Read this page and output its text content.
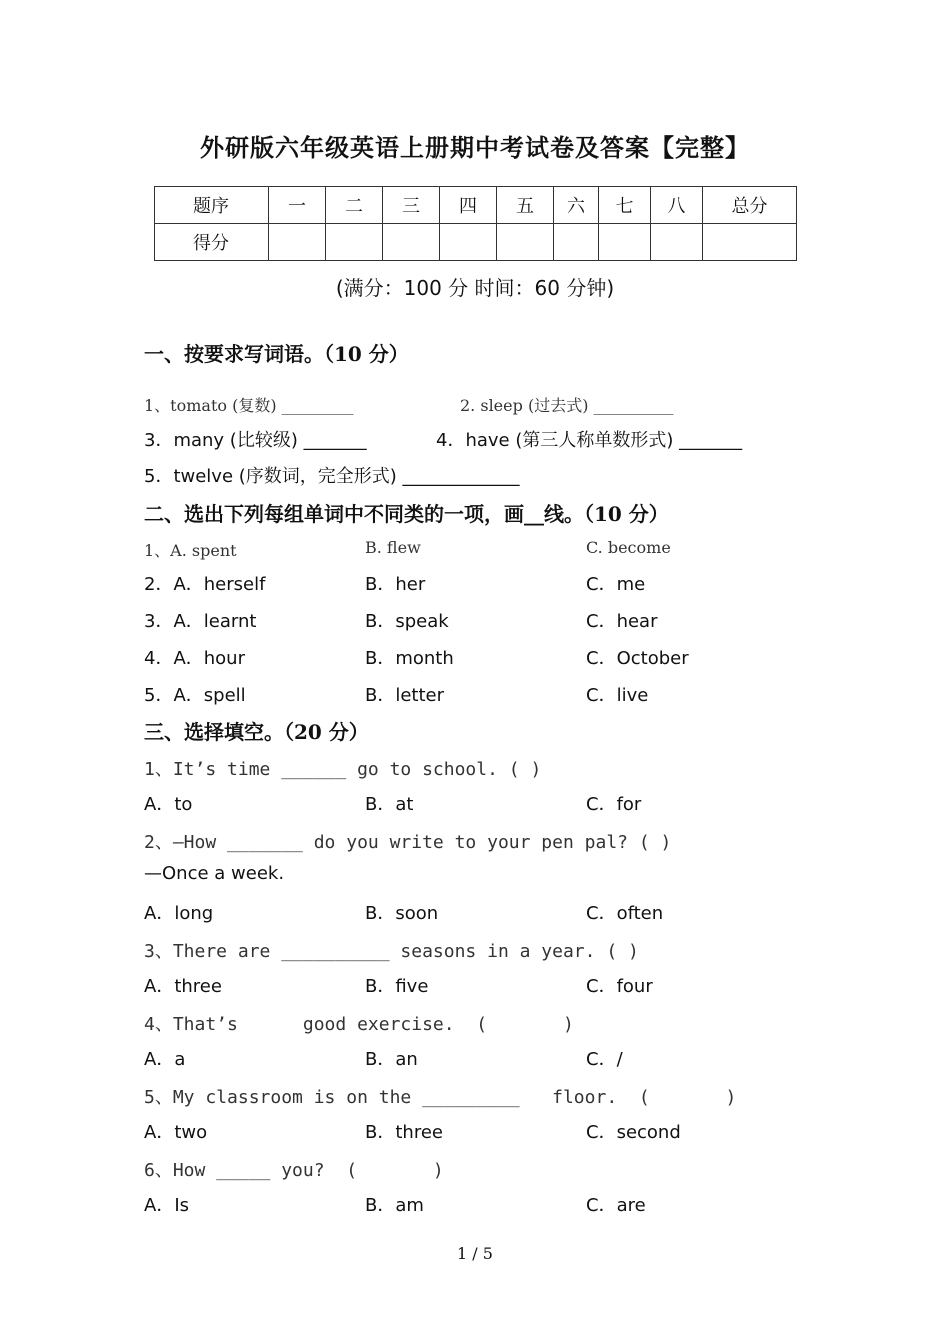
外研版六年级英语上册期中考试卷及答案【完整】
题序	一	二	三	四	五	六	七	八	总分
得分									
(满分：100 分 时间：60 分钟)
一、按要求写词语。（10 分）
1、tomato (复数) _________	2. sleep (过去式) __________
3．many (比较级) _______	4．have (第三人称单数形式) _______
5．twelve (序数词，完全形式) _____________
二、选出下列每组单词中不同类的一项，画__线。（10 分）
1、A. spent	B. flew	C. become
2．A．herself	B．her	C．me
3．A．learnt	B．speak	C．hear
4．A．hour	B．month	C．October
5．A．spell	B．letter	C．live
三、选择填空。（20 分）
1、It’s time ______ go to school. ( )
A．to	B．at	C．for
2、—How _______ do you write to your pen pal? ( )
—Once a week.
A．long	B．soon	C．often
3、There are __________ seasons in a year. ( )
A．three	B．five	C．four
4、That’s      good exercise.  (       )
A．a	B．an	C．/
5、My classroom is on the _________   floor.  (       )
A．two	B．three	C．second
6、How _____ you?  (       )
A．Is	B．am	C．are
1 / 5
